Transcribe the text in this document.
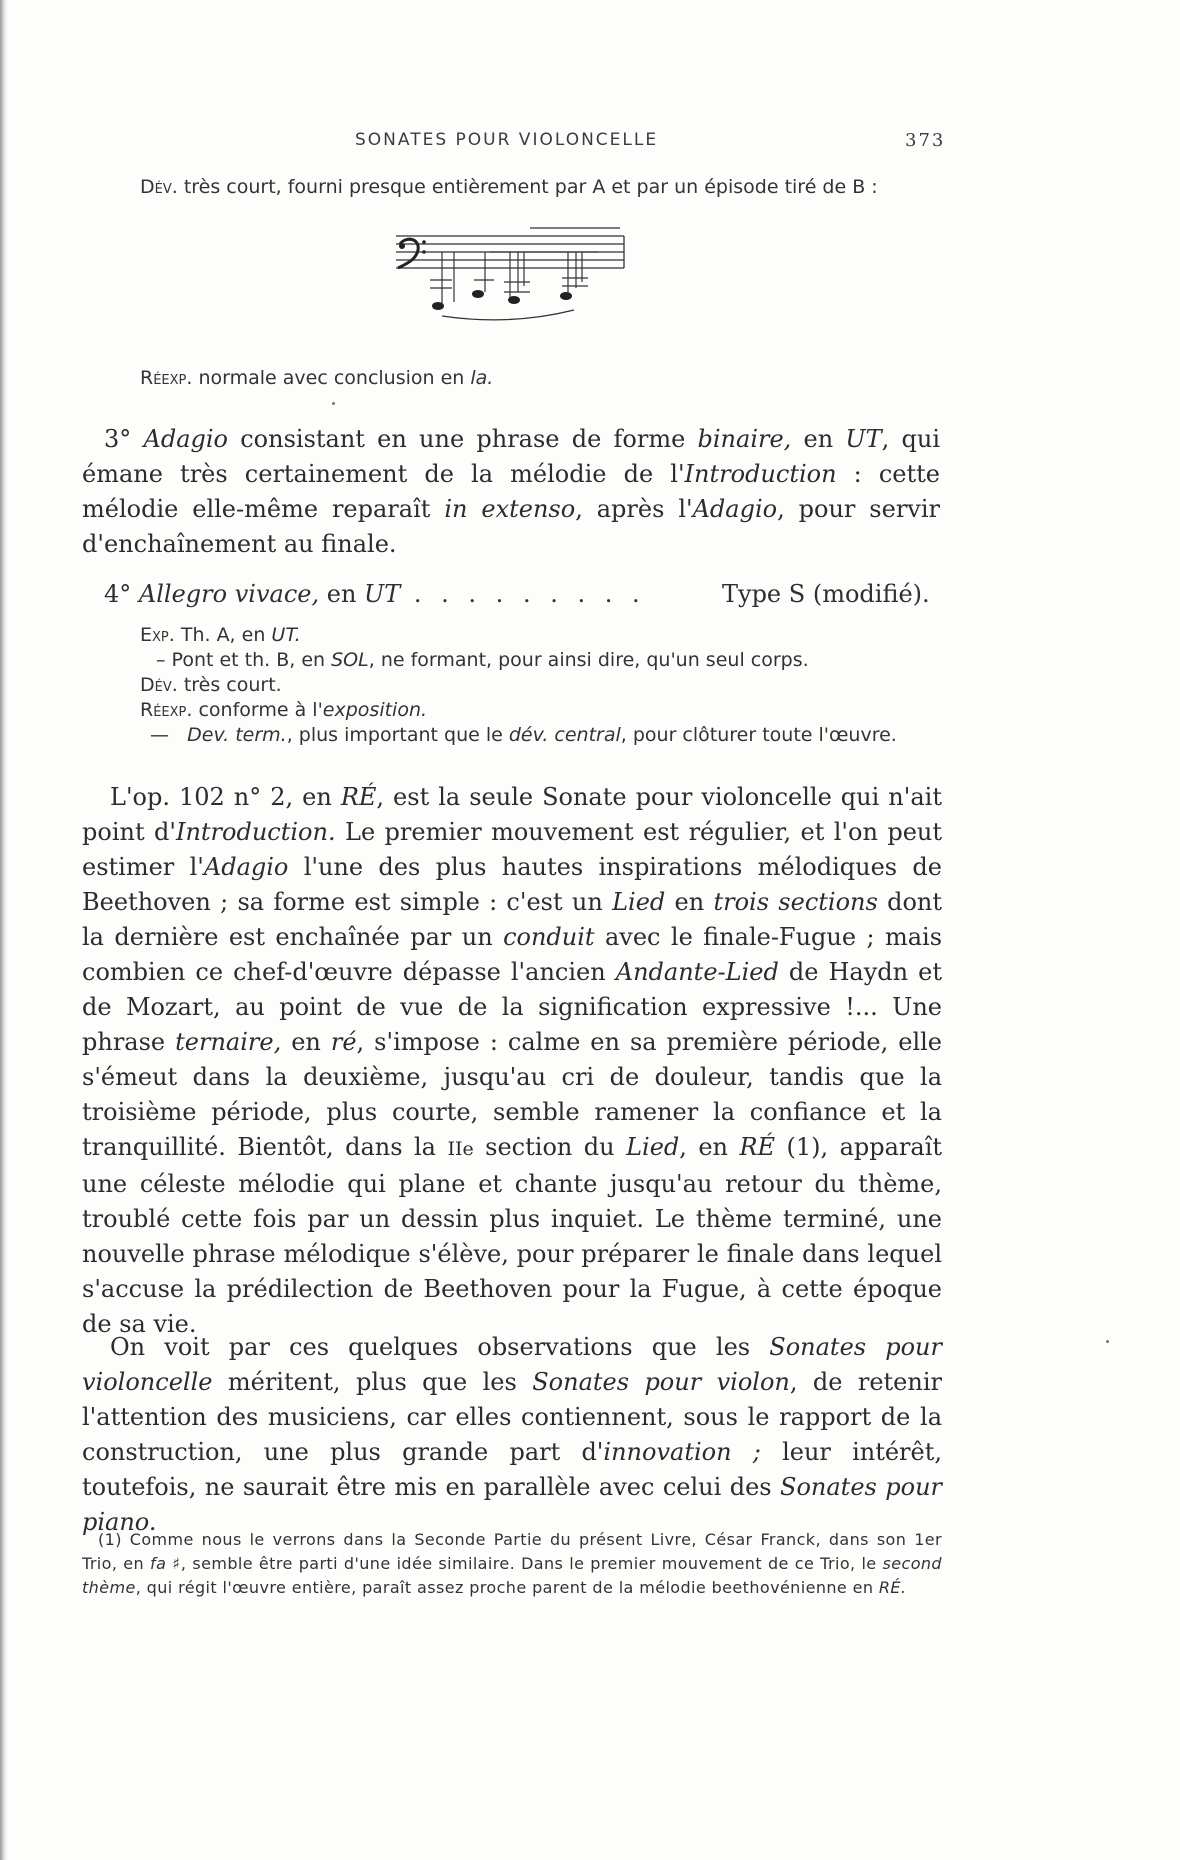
SONATES POUR VIOLONCELLE	373
Dév. très court, fourni presque entièrement par A et par un épisode tiré de B :
Réexp. normale avec conclusion en la.

3° Adagio consistant en une phrase de forme binaire, en UT, qui émane très certainement de la mélodie de l'Introduction : cette mélodie elle-même reparaît in extenso, après l'Adagio, pour servir d'enchaînement au finale.

4° Allegro vivace, en UT . . . . . . . . .	Type S (modifié).
Exp. Th. A, en UT.
– Pont et th. B, en SOL, ne formant, pour ainsi dire, qu'un seul corps.
Dév. très court.
Réexp. conforme à l'exposition.
— Dev. term., plus important que le dév. central, pour clôturer toute l'œuvre.

L'op. 102 n° 2, en RÉ, est la seule Sonate pour violoncelle qui n'ait point d'Introduction. Le premier mouvement est régulier, et l'on peut estimer l'Adagio l'une des plus hautes inspirations mélodiques de Beethoven ; sa forme est simple : c'est un Lied en trois sections dont la dernière est enchaînée par un conduit avec le finale-Fugue ; mais combien ce chef-d'œuvre dépasse l'ancien Andante-Lied de Haydn et de Mozart, au point de vue de la signification expressive !... Une phrase ternaire, en ré, s'impose : calme en sa première période, elle s'émeut dans la deuxième, jusqu'au cri de douleur, tandis que la troisième période, plus courte, semble ramener la confiance et la tranquillité. Bientôt, dans la IIe section du Lied, en RÉ (1), apparaît une céleste mélodie qui plane et chante jusqu'au retour du thème, troublé cette fois par un dessin plus inquiet. Le thème terminé, une nouvelle phrase mélodique s'élève, pour préparer le finale dans lequel s'accuse la prédilection de Beethoven pour la Fugue, à cette époque de sa vie.

On voit par ces quelques observations que les Sonates pour violoncelle méritent, plus que les Sonates pour violon, de retenir l'attention des musiciens, car elles contiennent, sous le rapport de la construction, une plus grande part d'innovation ; leur intérêt, toutefois, ne saurait être mis en parallèle avec celui des Sonates pour piano.

(1) Comme nous le verrons dans la Seconde Partie du présent Livre, César Franck, dans son 1er Trio, en fa ♯, semble être parti d'une idée similaire. Dans le premier mouvement de ce Trio, le second thème, qui régit l'œuvre entière, paraît assez proche parent de la mélodie beethovénienne en RÉ.
